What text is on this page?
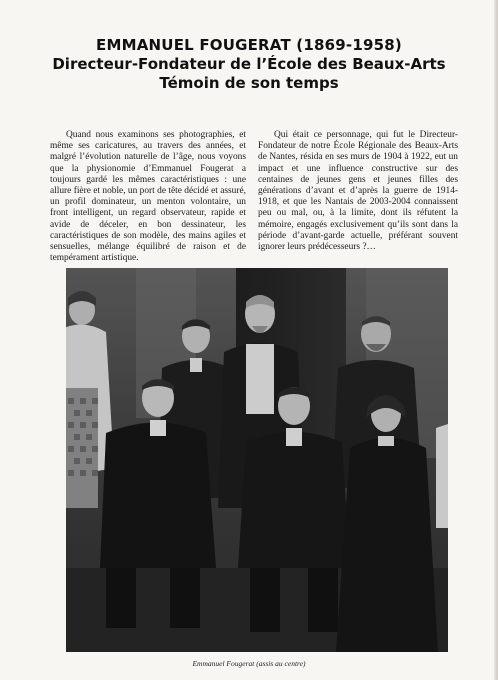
EMMANUEL FOUGERAT (1869-1958)
Directeur-Fondateur de l’École des Beaux-Arts
Témoin de son temps

Quand nous examinons ses photographies, et même ses caricatures, au travers des années, et malgré l’évolution naturelle de l’âge, nous voyons que la physionomie d’Emmanuel Fougerat a toujours gardé les mêmes caractéristiques : une allure fière et noble, un port de tête décidé et assuré, un profil dominateur, un menton volontaire, un front intelligent, un regard observateur, rapide et avide de déceler, en bon dessinateur, les caractéristiques de son modèle, des mains agiles et sensuelles, mélange équilibré de raison et de tempérament artistique.

Qui était ce personnage, qui fut le Directeur-Fondateur de notre École Régionale des Beaux-Arts de Nantes, résida en ses murs de 1904 à 1922, eut un impact et une influence constructive sur des centaines de jeunes gens et jeunes filles des générations d’avant et d’après la guerre de 1914-1918, et que les Nantais de 2003-2004 connaissent peu ou mal, ou, à la limite, dont ils réfutent la mémoire, engagés exclusivement qu’ils sont dans la période d’avant-garde actuelle, préférant souvent ignorer leurs prédécesseurs ?…

Emmanuel Fougerat (assis au centre)
